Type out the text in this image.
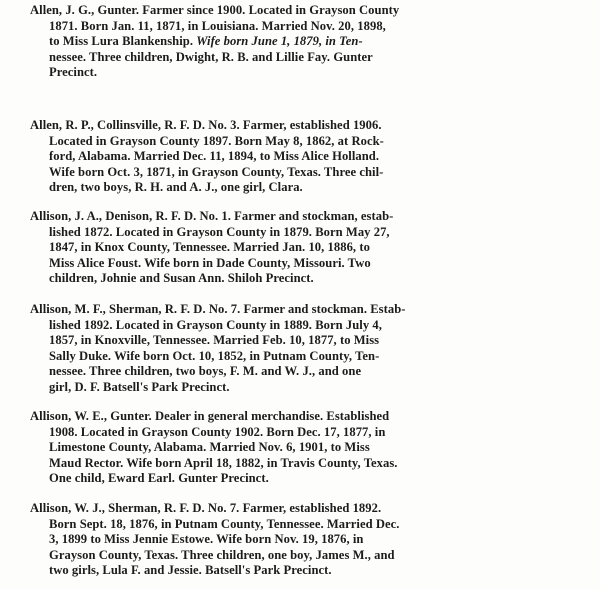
Allen, J. G., Gunter. Farmer since 1900. Located in Grayson County
1871. Born Jan. 11, 1871, in Louisiana. Married Nov. 20, 1898,
to Miss Lura Blankenship. Wife born June 1, 1879, in Ten-
nessee. Three children, Dwight, R. B. and Lillie Fay. Gunter
Precinct.
Allen, R. P., Collinsville, R. F. D. No. 3. Farmer, established 1906.
Located in Grayson County 1897. Born May 8, 1862, at Rock-
ford, Alabama. Married Dec. 11, 1894, to Miss Alice Holland.
Wife born Oct. 3, 1871, in Grayson County, Texas. Three chil-
dren, two boys, R. H. and A. J., one girl, Clara.
Allison, J. A., Denison, R. F. D. No. 1. Farmer and stockman, estab-
lished 1872. Located in Grayson County in 1879. Born May 27,
1847, in Knox County, Tennessee. Married Jan. 10, 1886, to
Miss Alice Foust. Wife born in Dade County, Missouri. Two
children, Johnie and Susan Ann. Shiloh Precinct.
Allison, M. F., Sherman, R. F. D. No. 7. Farmer and stockman. Estab-
lished 1892. Located in Grayson County in 1889. Born July 4,
1857, in Knoxville, Tennessee. Married Feb. 10, 1877, to Miss
Sally Duke. Wife born Oct. 10, 1852, in Putnam County, Ten-
nessee. Three children, two boys, F. M. and W. J., and one
girl, D. F. Batsell's Park Precinct.
Allison, W. E., Gunter. Dealer in general merchandise. Established
1908. Located in Grayson County 1902. Born Dec. 17, 1877, in
Limestone County, Alabama. Married Nov. 6, 1901, to Miss
Maud Rector. Wife born April 18, 1882, in Travis County, Texas.
One child, Eward Earl. Gunter Precinct.
Allison, W. J., Sherman, R. F. D. No. 7. Farmer, established 1892.
Born Sept. 18, 1876, in Putnam County, Tennessee. Married Dec.
3, 1899 to Miss Jennie Estowe. Wife born Nov. 19, 1876, in
Grayson County, Texas. Three children, one boy, James M., and
two girls, Lula F. and Jessie. Batsell's Park Precinct.
